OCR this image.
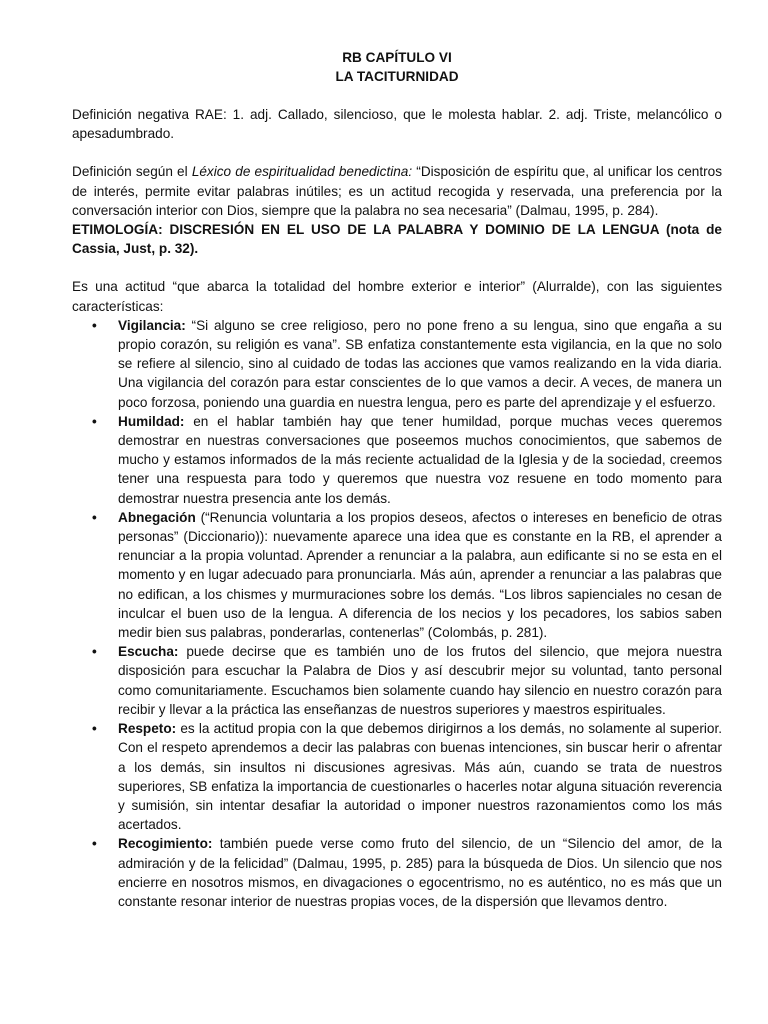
RB CAPÍTULO VI
LA TACITURNIDAD

Definición negativa RAE: 1. adj. Callado, silencioso, que le molesta hablar. 2. adj. Triste, melancólico o apesadumbrado.

Definición según el Léxico de espiritualidad benedictina: “Disposición de espíritu que, al unificar los centros de interés, permite evitar palabras inútiles; es un actitud recogida y reservada, una preferencia por la conversación interior con Dios, siempre que la palabra no sea necesaria” (Dalmau, 1995, p. 284).

ETIMOLOGÍA: DISCRESIÓN EN EL USO DE LA PALABRA Y DOMINIO DE LA LENGUA (nota de Cassia, Just, p. 32).

Es una actitud “que abarca la totalidad del hombre exterior e interior” (Alurralde), con las siguientes características:

• Vigilancia: “Si alguno se cree religioso, pero no pone freno a su lengua, sino que engaña a su propio corazón, su religión es vana”. SB enfatiza constantemente esta vigilancia, en la que no solo se refiere al silencio, sino al cuidado de todas las acciones que vamos realizando en la vida diaria. Una vigilancia del corazón para estar conscientes de lo que vamos a decir. A veces, de manera un poco forzosa, poniendo una guardia en nuestra lengua, pero es parte del aprendizaje y el esfuerzo.
• Humildad: en el hablar también hay que tener humildad, porque muchas veces queremos demostrar en nuestras conversaciones que poseemos muchos conocimientos, que sabemos de mucho y estamos informados de la más reciente actualidad de la Iglesia y de la sociedad, creemos tener una respuesta para todo y queremos que nuestra voz resuene en todo momento para demostrar nuestra presencia ante los demás.
• Abnegación (“Renuncia voluntaria a los propios deseos, afectos o intereses en beneficio de otras personas” (Diccionario)): nuevamente aparece una idea que es constante en la RB, el aprender a renunciar a la propia voluntad. Aprender a renunciar a la palabra, aun edificante si no se esta en el momento y en lugar adecuado para pronunciarla. Más aún, aprender a renunciar a las palabras que no edifican, a los chismes y murmuraciones sobre los demás. “Los libros sapienciales no cesan de inculcar el buen uso de la lengua. A diferencia de los necios y los pecadores, los sabios saben medir bien sus palabras, ponderarlas, contenerlas” (Colombás, p. 281).
• Escucha: puede decirse que es también uno de los frutos del silencio, que mejora nuestra disposición para escuchar la Palabra de Dios y así descubrir mejor su voluntad, tanto personal como comunitariamente. Escuchamos bien solamente cuando hay silencio en nuestro corazón para recibir y llevar a la práctica las enseñanzas de nuestros superiores y maestros espirituales.
• Respeto: es la actitud propia con la que debemos dirigirnos a los demás, no solamente al superior. Con el respeto aprendemos a decir las palabras con buenas intenciones, sin buscar herir o afrentar a los demás, sin insultos ni discusiones agresivas. Más aún, cuando se trata de nuestros superiores, SB enfatiza la importancia de cuestionarles o hacerles notar alguna situación reverencia y sumisión, sin intentar desafiar la autoridad o imponer nuestros razonamientos como los más acertados.
• Recogimiento: también puede verse como fruto del silencio, de un “Silencio del amor, de la admiración y de la felicidad” (Dalmau, 1995, p. 285) para la búsqueda de Dios. Un silencio que nos encierre en nosotros mismos, en divagaciones o egocentrismo, no es auténtico, no es más que un constante resonar interior de nuestras propias voces, de la dispersión que llevamos dentro.
